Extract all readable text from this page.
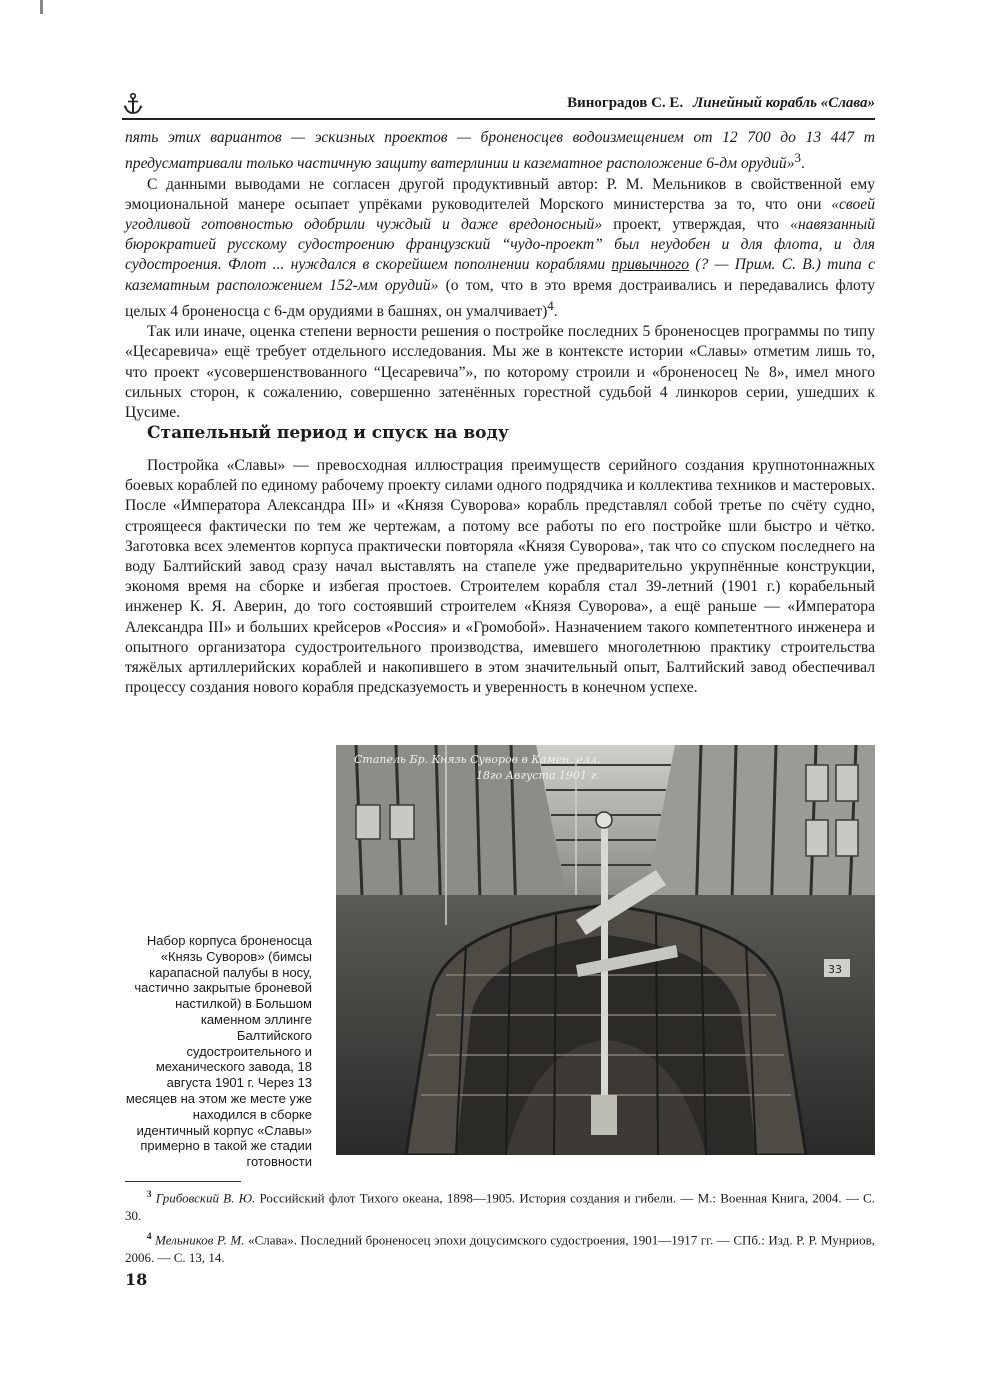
Виноградов С. Е. Линейный корабль «Слава»

пять этих вариантов — эскизных проектов — броненосцев водоизмещением от 12 700 до 13 447 т предусматривали только частичную защиту ватерлинии и казематное расположение 6-дм орудий»$^3$.

С данными выводами не согласен другой продуктивный автор: Р. М. Мельников в свойственной ему эмоциональной манере осыпает упрёками руководителей Морского министерства за то, что они «своей угодливой готовностью одобрили чуждый и даже вредоносный» проект, утверждая, что «навязанный бюрократией русскому судостроению французский “чудо-проект” был неудобен и для флота, и для судостроения. Флот ... нуждался в скорейшем пополнении кораблями привычного (? — Прим. С. В.) типа с казематным расположением 152-мм орудий» (о том, что в это время достраивались и передавались флоту целых 4 броненосца с 6-дм орудиями в башнях, он умалчивает)$^4$.

Так или иначе, оценка степени верности решения о постройке последних 5 броненосцев программы по типу «Цесаревича» ещё требует отдельного исследования. Мы же в контексте истории «Славы» отметим лишь то, что проект «усовершенствованного “Цесаревича”», по которому строили и «броненосец № 8», имел много сильных сторон, к сожалению, совершенно затенённых горестной судьбой 4 линкоров серии, ушедших к Цусиме.

Стапельный период и спуск на воду

Постройка «Славы» — превосходная иллюстрация преимуществ серийного создания крупнотоннажных боевых кораблей по единому рабочему проекту силами одного подрядчика и коллектива техников и мастеровых. После «Императора Александра III» и «Князя Суворова» корабль представлял собой третье по счёту судно, строящееся фактически по тем же чертежам, а потому все работы по его постройке шли быстро и чётко. Заготовка всех элементов корпуса практически повторяла «Князя Суворова», так что со спуском последнего на воду Балтийский завод сразу начал выставлять на стапеле уже предварительно укрупнённые конструкции, экономя время на сборке и избегая простоев. Строителем корабля стал 39-летний (1901 г.) корабельный инженер К. Я. Аверин, до того состоявший строителем «Князя Суворова», а ещё раньше — «Императора Александра III» и больших крейсеров «Россия» и «Громобой». Назначением такого компетентного инженера и опытного организатора судостроительного производства, имевшего многолетнюю практику строительства тяжёлых артиллерийских кораблей и накопившего в этом значительный опыт, Балтийский завод обеспечивал процессу создания нового корабля предсказуемость и уверенность в конечном успехе.

Набор корпуса броненосца «Князь Суворов» (бимсы карапасной палубы в носу, частично закрытые броневой настилкой) в Большом каменном эллинге Балтийского судостроительного и механического завода, 18 августа 1901 г. Через 13 месяцев на этом же месте уже находился в сборке идентичный корпус «Славы» примерно в такой же стадии готовности
Стапель Бр. Князь Суворов в Камен. елл.
18го Августа 1901 г.
33

$^3$ Грибовский В. Ю. Российский флот Тихого океана, 1898—1905. История создания и гибели. — М.: Военная Книга, 2004. — С. 30.

$^4$ Мельников Р. М. «Слава». Последний броненосец эпохи доцусимского судостроения, 1901—1917 гг. — СПб.: Изд. Р. Р. Мунриов, 2006. — С. 13, 14.

18
